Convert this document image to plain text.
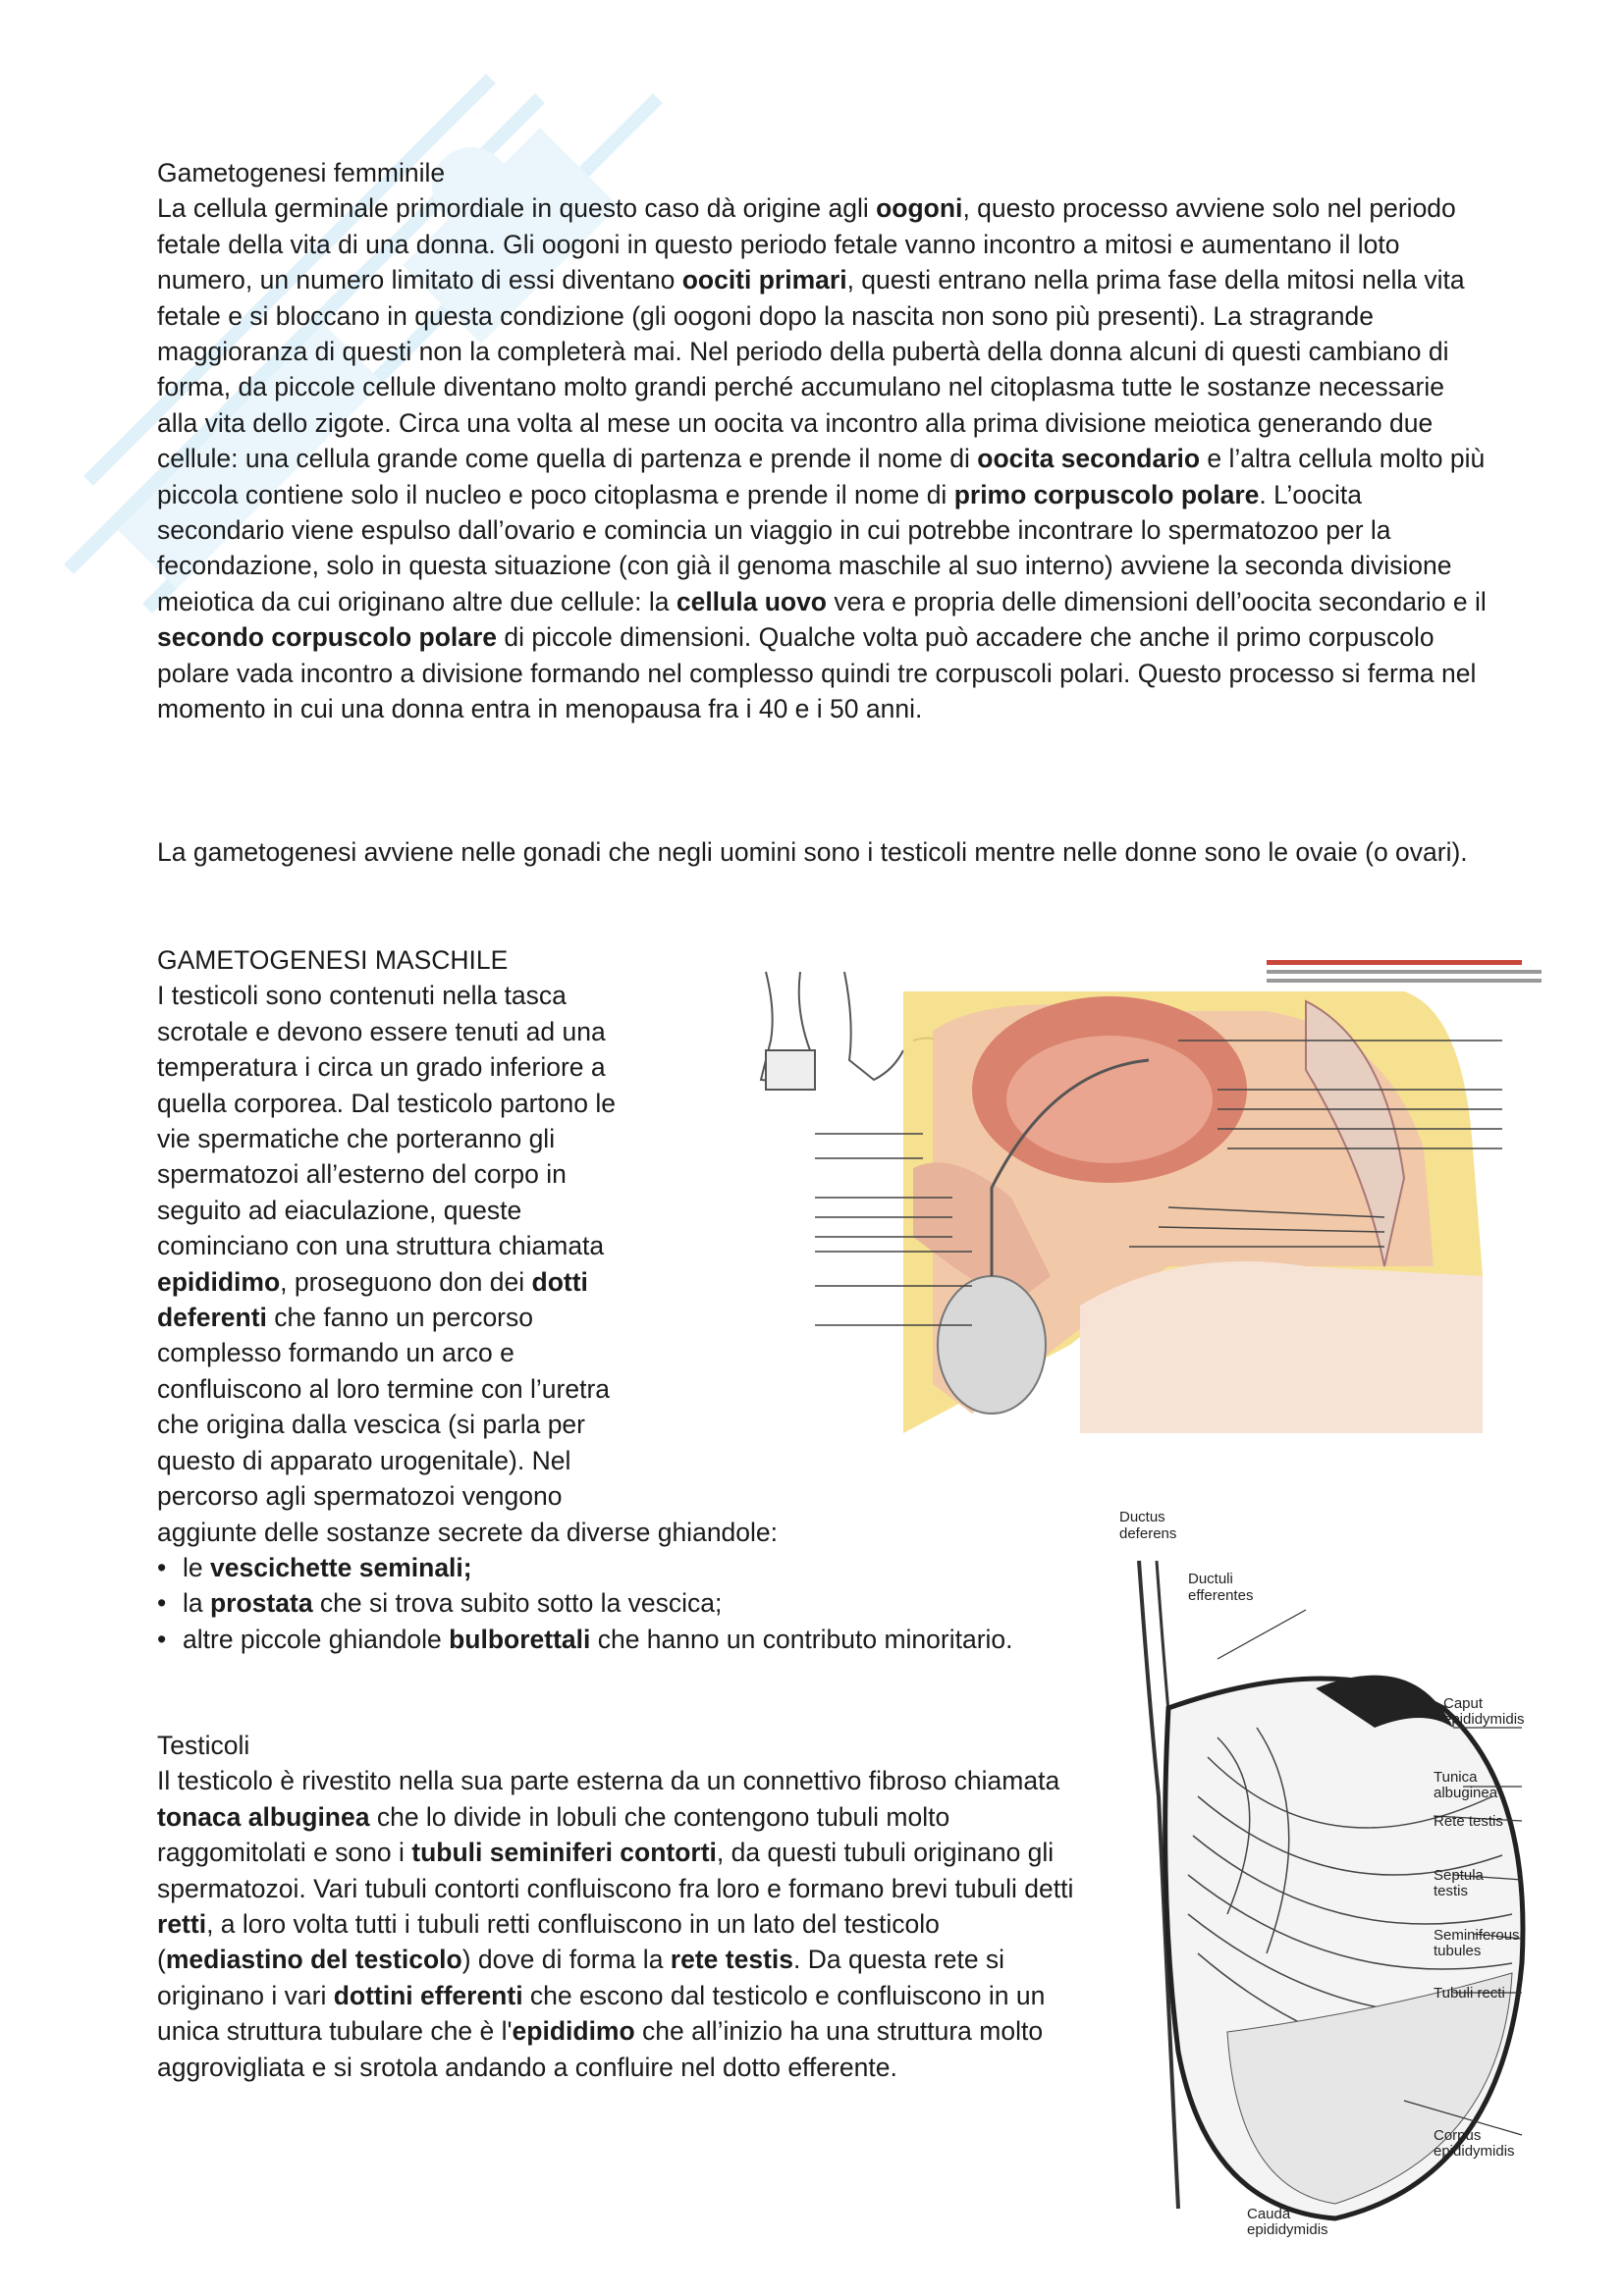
Gametogenesi femminile

La cellula germinale primordiale in questo caso dà origine agli oogoni, questo processo avviene solo nel periodo fetale della vita di una donna. Gli oogoni in questo periodo fetale vanno incontro a mitosi e aumentano il loto numero, un numero limitato di essi diventano oociti primari, questi entrano nella prima fase della mitosi nella vita fetale e si bloccano in questa condizione (gli oogoni dopo la nascita non sono più presenti). La stragrande maggioranza di questi non la completerà mai. Nel periodo della pubertà della donna alcuni di questi cambiano di forma, da piccole cellule diventano molto grandi perché accumulano nel citoplasma tutte le sostanze necessarie alla vita dello zigote. Circa una volta al mese un oocita va incontro alla prima divisione meiotica generando due cellule: una cellula grande come quella di partenza e prende il nome di oocita secondario e l’altra cellula molto più piccola contiene solo il nucleo e poco citoplasma e prende il nome di primo corpuscolo polare. L’oocita secondario viene espulso dall’ovario e comincia un viaggio in cui potrebbe incontrare lo spermatozoo per la fecondazione, solo in questa situazione (con già il genoma maschile al suo interno) avviene la seconda divisione meiotica da cui originano altre due cellule: la cellula uovo vera e propria delle dimensioni dell’oocita secondario e il secondo corpuscolo polare di piccole dimensioni. Qualche volta può accadere che anche il primo corpuscolo polare vada incontro a divisione formando nel complesso quindi tre corpuscoli polari. Questo processo si ferma nel momento in cui una donna entra in menopausa fra i 40 e i 50 anni.

La gametogenesi avviene nelle gonadi che negli uomini sono i testicoli mentre nelle donne sono le ovaie (o ovari).

GAMETOGENESI MASCHILE

I testicoli sono contenuti nella tasca
scrotale e devono essere tenuti ad una
temperatura i circa un grado inferiore a
quella corporea. Dal testicolo partono le
vie spermatiche che porteranno gli
spermatozoi all’esterno del corpo in
seguito ad eiaculazione, queste
cominciano con una struttura chiamata
epididimo, proseguono don dei dotti
deferenti che fanno un percorso
complesso formando un arco e
confluiscono al loro termine con l’uretra
che origina dalla vescica (si parla per
questo di apparato urogenitale). Nel
percorso agli spermatozoi vengono
aggiunte delle sostanze secrete da diverse ghiandole:
• le vescichette seminali;
• la prostata che si trova subito sotto la vescica;
• altre piccole ghiandole bulborettali che hanno un contributo minoritario.

Testicoli

Il testicolo è rivestito nella sua parte esterna da un connettivo fibroso chiamata tonaca albuginea che lo divide in lobuli che contengono tubuli molto raggomitolati e sono i tubuli seminiferi contorti, da questi tubuli originano gli spermatozoi. Vari tubuli contorti confluiscono fra loro e formano brevi tubuli detti retti, a loro volta tutti i tubuli retti confluiscono in un lato del testicolo (mediastino del testicolo) dove di forma la rete testis. Da questa rete si originano i vari dottini efferenti che escono dal testicolo e confluiscono in un unica struttura tubulare che è l'epididimo che all’inizio ha una struttura molto aggrovigliata e si srotola andando a confluire nel dotto efferente.

Ductus
deferens
Ductuli
efferentes
Caput
epididymidis
Tunica
albuginea
Rete testis
Septula
testis
Seminiferous
tubules
Tubuli recti
Corpus
epididymidis
Cauda
epididymidis
